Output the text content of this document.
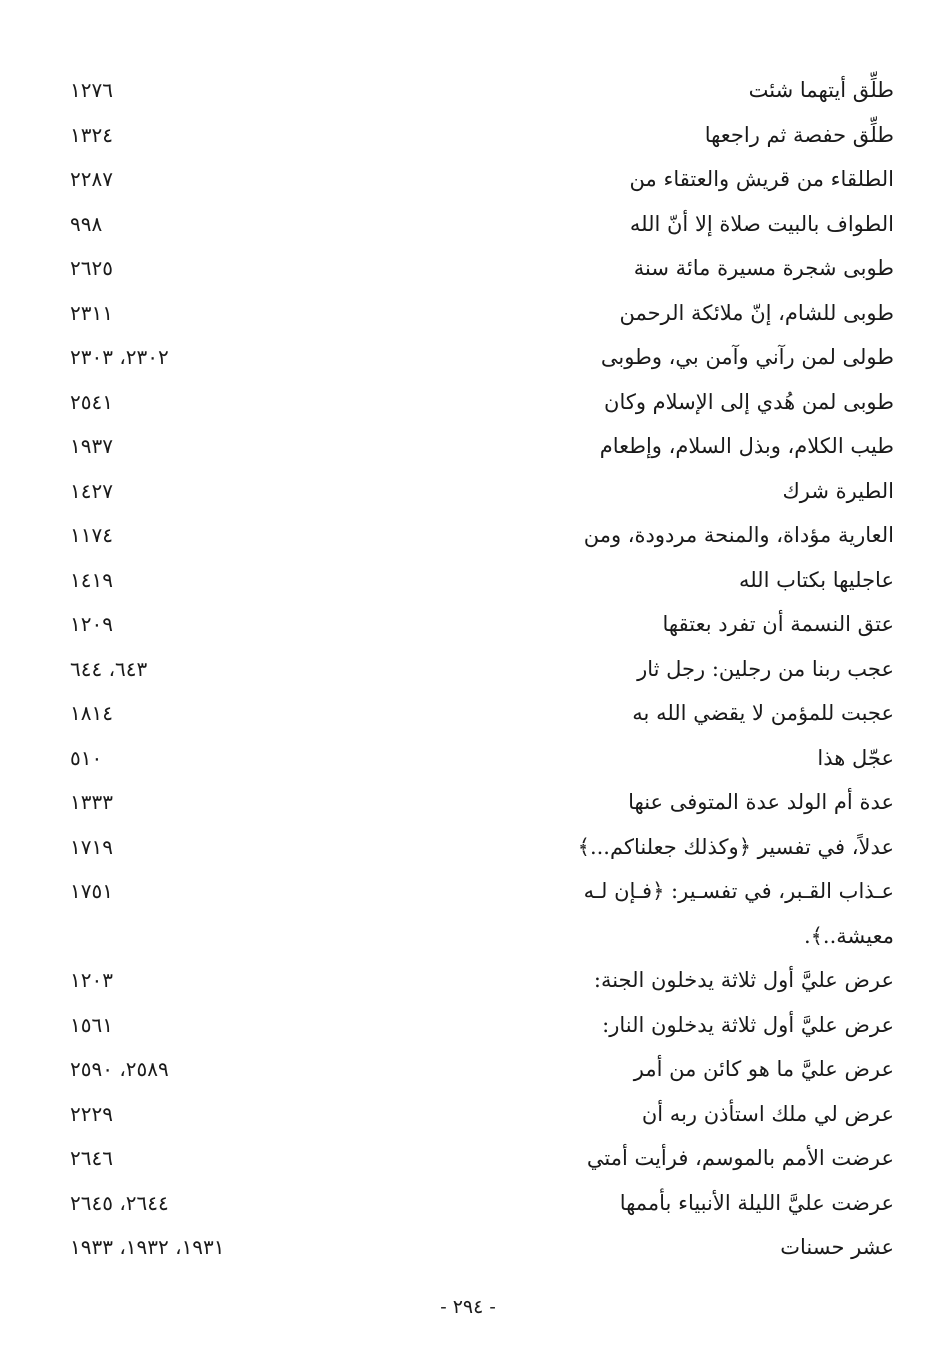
١٢٧٦	طلِّق أيتهما شئت
١٣٢٤	طلِّق حفصة ثم راجعها
٢٢٨٧	الطلقاء من قريش والعتقاء من
٩٩٨	الطواف بالبيت صلاة إلا أنّ الله
٢٦٢٥	طوبى شجرة مسيرة مائة سنة
٢٣١١	طوبى للشام، إنّ ملائكة الرحمن
٢٣٠٢، ٢٣٠٣	طولى لمن رآني وآمن بي، وطوبى
٢٥٤١	طوبى لمن هُدي إلى الإسلام وكان
١٩٣٧	طيب الكلام، وبذل السلام، وإطعام
١٤٢٧	الطيرة شرك
١١٧٤	العارية مؤداة، والمنحة مردودة، ومن
١٤١٩	عاجليها بكتاب الله
١٢٠٩	عتق النسمة أن تفرد بعتقها
٦٤٣، ٦٤٤	عجب ربنا من رجلين: رجل ثار
١٨١٤	عجبت للمؤمن لا يقضي الله به
٥١٠	عجّل هذا
١٣٣٣	عدة أم الولد عدة المتوفى عنها
١٧١٩	عدلاً، في تفسير ﴿وكذلك جعلناكم...﴾
١٧٥١	عـذاب القـبر، في تفسـير: ﴿فـإن لـه معيشة..﴾.
١٢٠٣	عرض عليَّ أول ثلاثة يدخلون الجنة:
١٥٦١	عرض عليَّ أول ثلاثة يدخلون النار:
٢٥٨٩، ٢٥٩٠	عرض عليَّ ما هو كائن من أمر
٢٢٢٩	عرض لي ملك استأذن ربه أن
٢٦٤٦	عرضت الأمم بالموسم، فرأيت أمتي
٢٦٤٤، ٢٦٤٥	عرضت عليَّ الليلة الأنبياء بأممها
١٩٣١، ١٩٣٢، ١٩٣٣	عشر حسنات
- ٢٩٤ -
